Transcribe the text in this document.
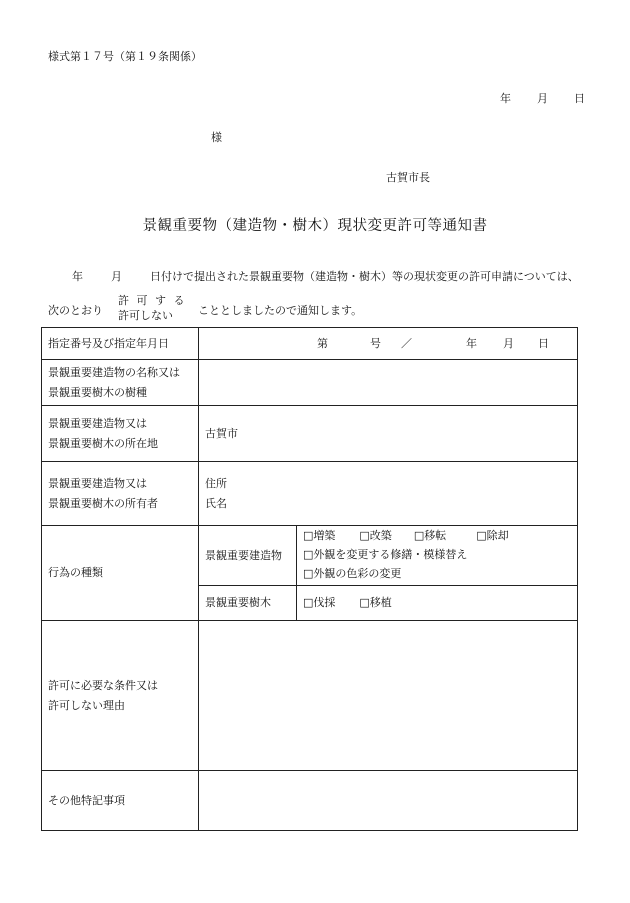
様式第１７号（第１９条関係）
年 月 日
様
古賀市長
景観重要物（建造物・樹木）現状変更許可等通知書
年	月	日付けで提出された景観重要物（建造物・樹木）等の現状変更の許可申請については、
次のとおり
許 可 す る
許可しない こととしましたので通知します。
指定番号及び指定年月日	第 号 ／ 年 月 日	

景観重要建造物の名称又は
景観重要樹木の樹種		

景観重要建造物又は
景観重要樹木の所在地	古賀市	

景観重要建造物又は
景観重要樹木の所有者	住所
氏名	

行為の種類	景観重要建造物	□増築 □改築 □移転 □除却
□外観を変更する修繕・模様替え
□外観の色彩の変更

	景観重要樹木	□伐採 □移植

許可に必要な条件又は
許可しない理由		

その他特記事項		
